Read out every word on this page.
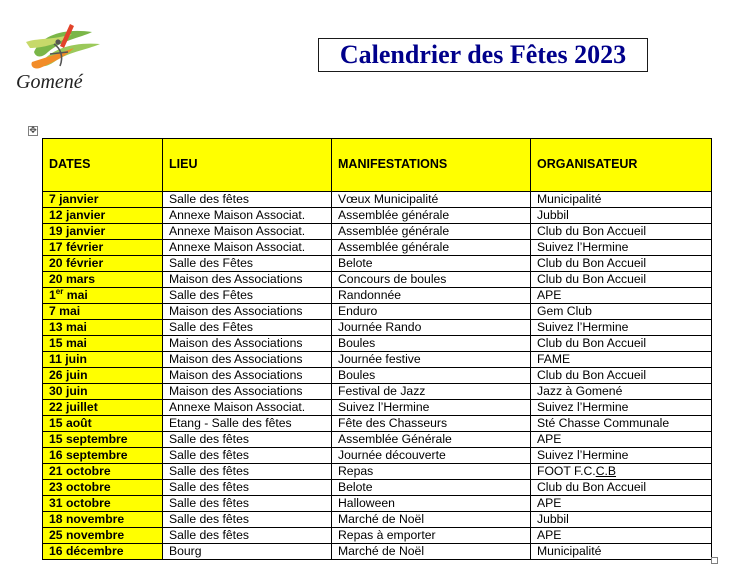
Gomené
Calendrier des Fêtes 2023
✥
DATES	LIEU	MANIFESTATIONS	ORGANISATEUR
7 janvier	Salle des fêtes	Vœux Municipalité	Municipalité
12 janvier	Annexe Maison Associat.	Assemblée générale	Jubbil
19 janvier	Annexe Maison Associat.	Assemblée générale	Club du Bon Accueil
17 février	Annexe Maison Associat.	Assemblée générale	Suivez l’Hermine
20 février	Salle des Fêtes	Belote	Club du Bon Accueil
20 mars	Maison des Associations	Concours de boules	Club du Bon Accueil
1er mai	Salle des Fêtes	Randonnée	APE
7 mai	Maison des Associations	Enduro	Gem Club
13 mai	Salle des Fêtes	Journée Rando	Suivez l’Hermine
15 mai	Maison des Associations	Boules	Club du Bon Accueil
11 juin	Maison des Associations	Journée festive	FAME
26 juin	Maison des Associations	Boules	Club du Bon Accueil
30 juin	Maison des Associations	Festival de Jazz	Jazz à Gomené
22 juillet	Annexe Maison Associat.	Suivez l’Hermine	Suivez l’Hermine
15 août	Etang - Salle des fêtes	Fête des Chasseurs	Sté Chasse Communale
15 septembre	Salle des fêtes	Assemblée Générale	APE
16 septembre	Salle des fêtes	Journée découverte	Suivez l’Hermine
21 octobre	Salle des fêtes	Repas	FOOT F.C.C.B
23 octobre	Salle des fêtes	Belote	Club du Bon Accueil
31 octobre	Salle des fêtes	Halloween	APE
18 novembre	Salle des fêtes	Marché de Noël	Jubbil
25 novembre	Salle des fêtes	Repas à emporter	APE
16 décembre	Bourg	Marché de Noël	Municipalité
